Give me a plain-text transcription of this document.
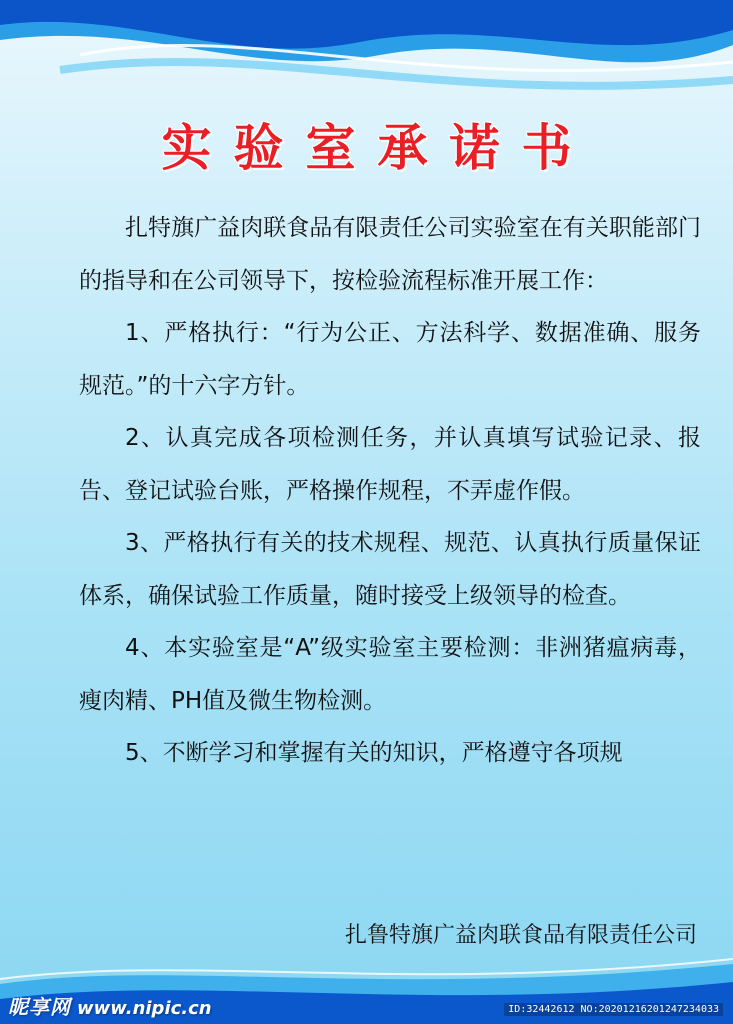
实验室承诺书

扎特旗广益肉联食品有限责任公司实验室在有关职能部门的指导和在公司领导下，按检验流程标准开展工作：

1、严格执行：“行为公正、方法科学、数据准确、服务规范。”的十六字方针。

2、认真完成各项检测任务，并认真填写试验记录、报告、登记试验台账，严格操作规程，不弄虚作假。

3、严格执行有关的技术规程、规范、认真执行质量保证体系，确保试验工作质量，随时接受上级领导的检查。

4、本实验室是“A”级实验室主要检测：非洲猪瘟病毒，瘦肉精、PH值及微生物检测。

5、不断学习和掌握有关的知识，严格遵守各项规

扎鲁特旗广益肉联食品有限责任公司
昵享网 www.nipic.cn	ID:32442612 NO:20201216201247234033
